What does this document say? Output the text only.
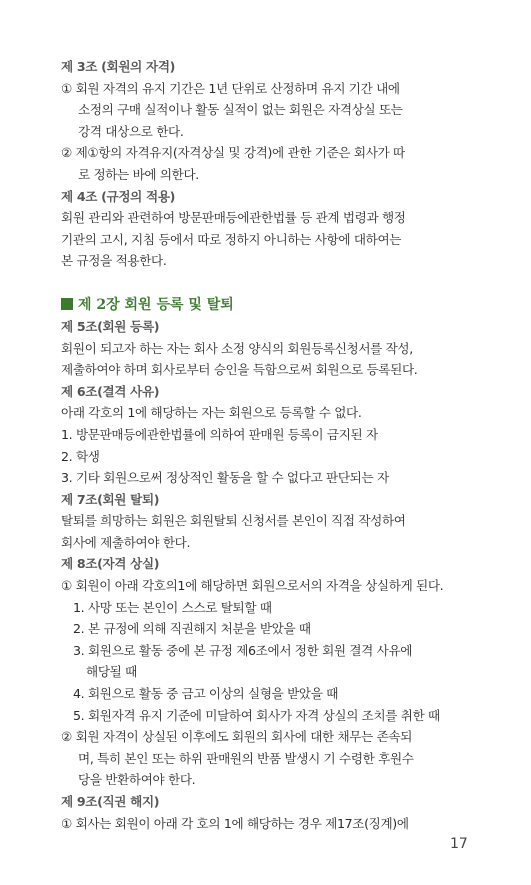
제 3조 (회원의 자격)
① 회원 자격의 유지 기간은 1년 단위로 산정하며 유지 기간 내에
소정의 구매 실적이나 활동 실적이 없는 회원은 자격상실 또는
강격 대상으로 한다.
② 제①항의 자격유지(자격상실 및 강격)에 관한 기준은 회사가 따
로 정하는 바에 의한다.
제 4조 (규정의 적용)
회원 관리와 관련하여 방문판매등에관한법률 등 관계 법령과 행정
기관의 고시, 지침 등에서 따로 정하지 아니하는 사항에 대하여는
본 규정을 적용한다.
제 2장 회원 등록 및 탈퇴
제 5조(회원 등록)
회원이 되고자 하는 자는 회사 소정 양식의 회원등록신청서를 작성,
제출하여야 하며 회사로부터 승인을 득함으로써 회원으로 등록된다.
제 6조(결격 사유)
아래 각호의 1에 해당하는 자는 회원으로 등록할 수 없다.
1. 방문판매등에관한법률에 의하여 판매원 등록이 금지된 자
2. 학생
3. 기타 회원으로써 정상적인 활동을 할 수 없다고 판단되는 자
제 7조(회원 탈퇴)
탈퇴를 희망하는 회원은 회원탈퇴 신청서를 본인이 직접 작성하여
회사에 제출하여야 한다.
제 8조(자격 상실)
① 회원이 아래 각호의1에 해당하면 회원으로서의 자격을 상실하게 된다.
1. 사망 또는 본인이 스스로 탈퇴할 때
2. 본 규정에 의해 직권해지 처분을 받았을 때
3. 회원으로 활동 중에 본 규정 제6조에서 정한 회원 결격 사유에
해당될 때
4. 회원으로 활동 중 금고 이상의 실형을 받았을 때
5. 회원자격 유지 기준에 미달하여 회사가 자격 상실의 조치를 취한 때
② 회원 자격이 상실된 이후에도 회원의 회사에 대한 채무는 존속되
며, 특히 본인 또는 하위 판매원의 반품 발생시 기 수령한 후원수
당을 반환하여야 한다.
제 9조(직권 해지)
① 회사는 회원이 아래 각 호의 1에 해당하는 경우 제17조(징계)에
17
